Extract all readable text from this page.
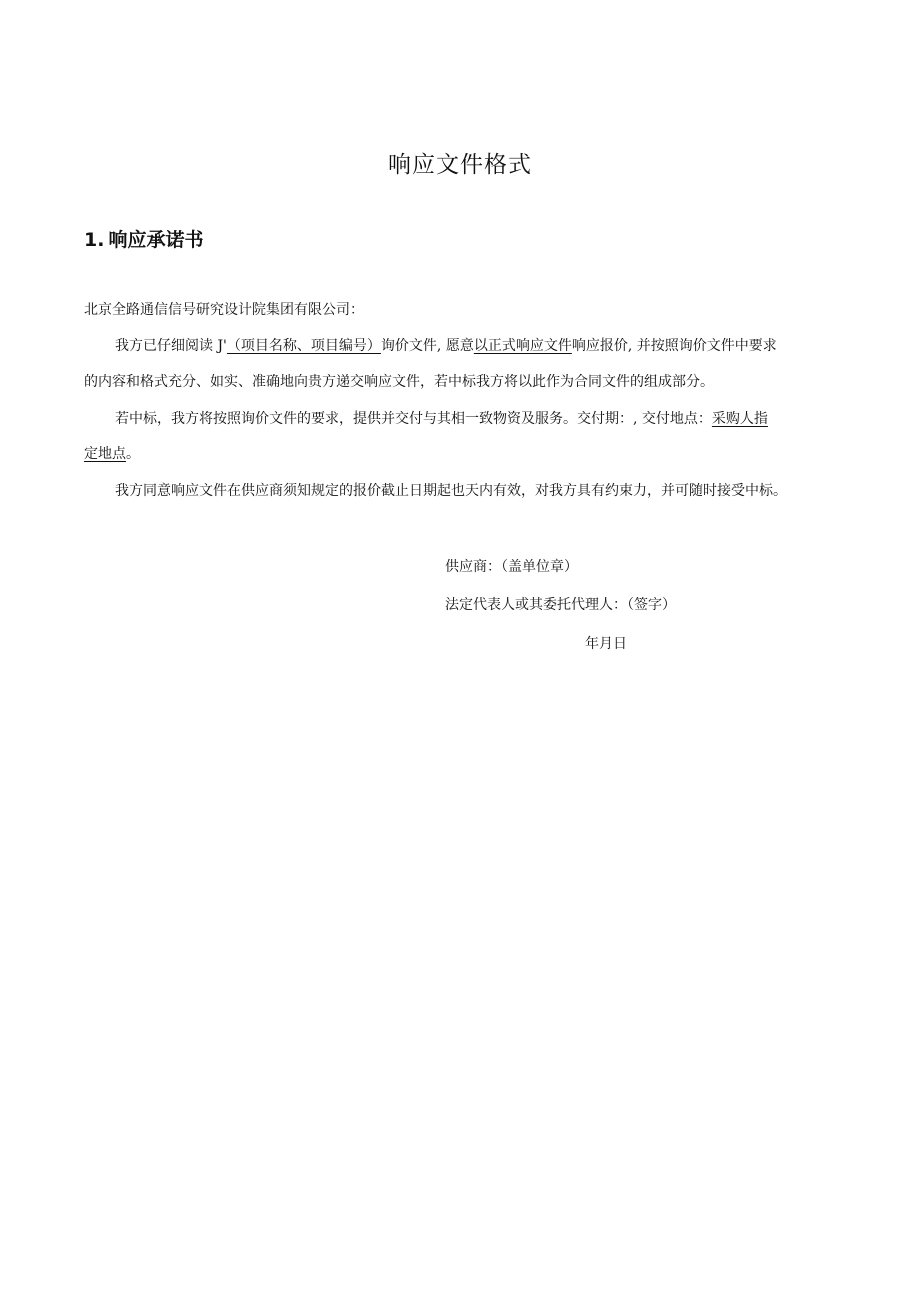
响应文件格式
1. 响应承诺书
北京全路通信信号研究设计院集团有限公司：
我方已仔细阅读 J'（项目名称、项目编号）询价文件, 愿意以正式响应文件响应报价, 并按照询价文件中要求
的内容和格式充分、如实、准确地向贵方递交响应文件，若中标我方将以此作为合同文件的组成部分。
若中标，我方将按照询价文件的要求，提供并交付与其相一致物资及服务。交付期：, 交付地点：采购人指
定地点。
我方同意响应文件在供应商须知规定的报价截止日期起也天内有效，对我方具有约束力，并可随时接受中标。
供应商：（盖单位章）
法定代表人或其委托代理人：（签字）
年月日
